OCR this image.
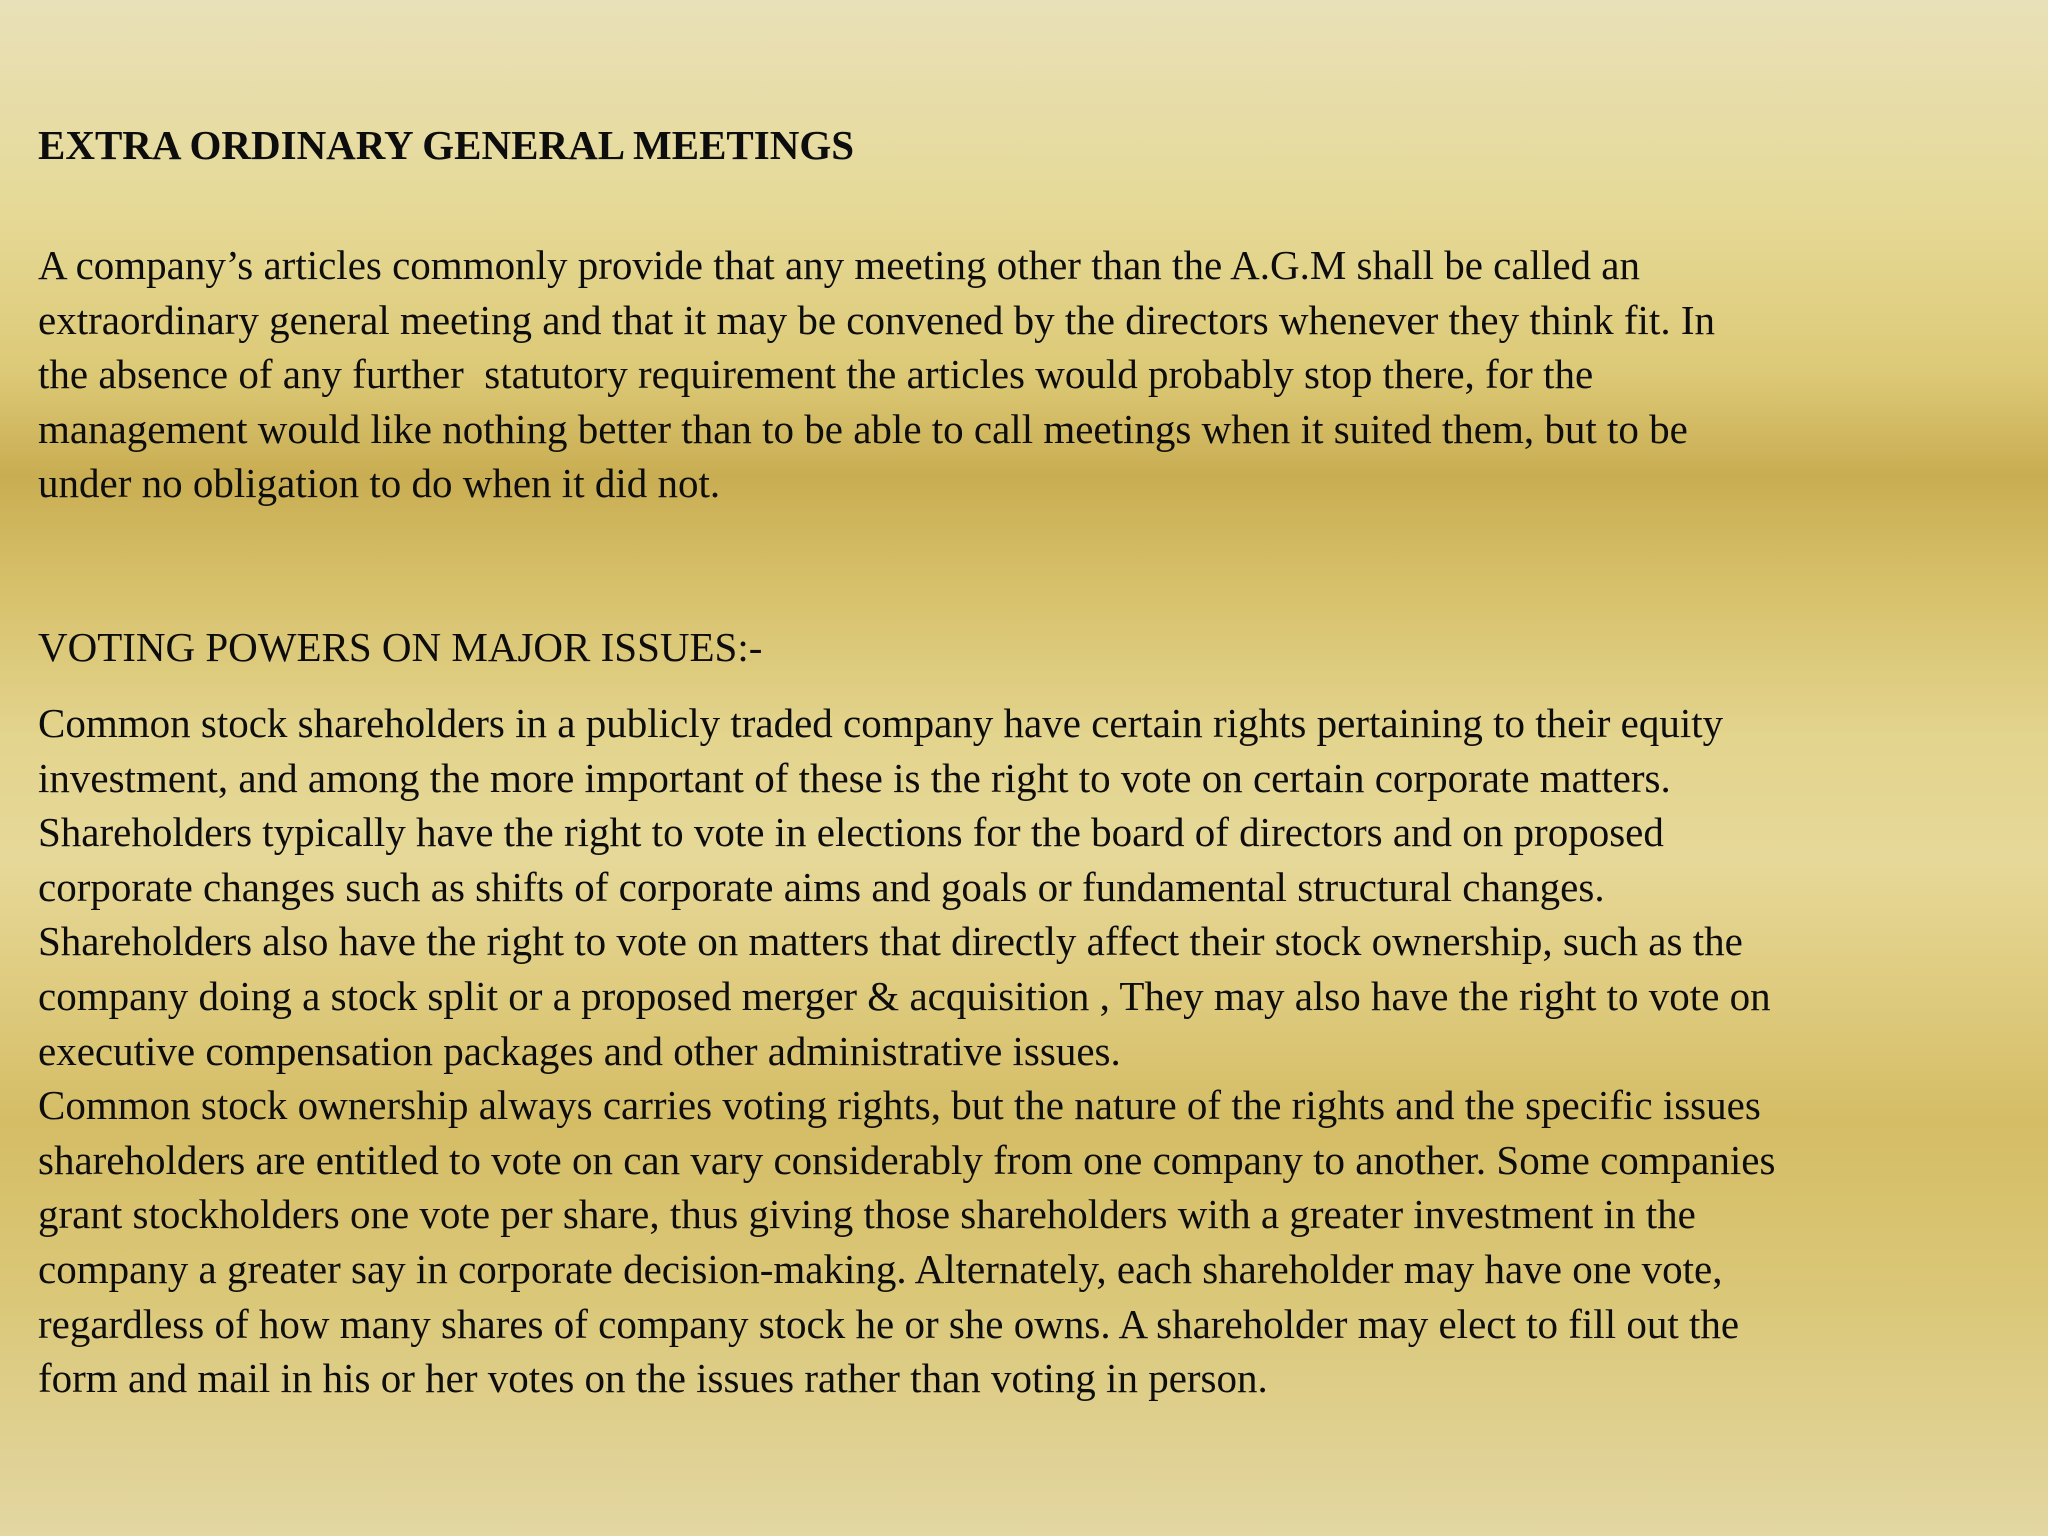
EXTRA ORDINARY GENERAL MEETINGS

A company’s articles commonly provide that any meeting other than the A.G.M shall be called an
extraordinary general meeting and that it may be convened by the directors whenever they think fit. In
the absence of any further  statutory requirement the articles would probably stop there, for the
management would like nothing better than to be able to call meetings when it suited them, but to be
under no obligation to do when it did not.

VOTING POWERS ON MAJOR ISSUES:-

Common stock shareholders in a publicly traded company have certain rights pertaining to their equity
investment, and among the more important of these is the right to vote on certain corporate matters.
Shareholders typically have the right to vote in elections for the board of directors and on proposed
corporate changes such as shifts of corporate aims and goals or fundamental structural changes.
Shareholders also have the right to vote on matters that directly affect their stock ownership, such as the
company doing a stock split or a proposed merger & acquisition , They may also have the right to vote on
executive compensation packages and other administrative issues.
Common stock ownership always carries voting rights, but the nature of the rights and the specific issues
shareholders are entitled to vote on can vary considerably from one company to another. Some companies
grant stockholders one vote per share, thus giving those shareholders with a greater investment in the
company a greater say in corporate decision-making. Alternately, each shareholder may have one vote,
regardless of how many shares of company stock he or she owns. A shareholder may elect to fill out the
form and mail in his or her votes on the issues rather than voting in person.
